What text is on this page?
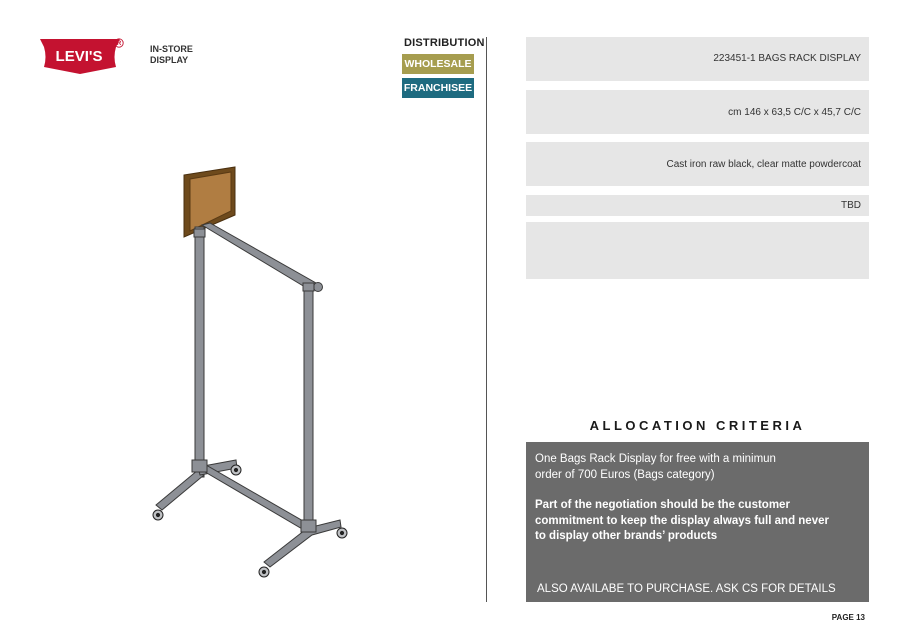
LEVI'S
R	IN-STORE
DISPLAY
DISTRIBUTION
WHOLESALE
FRANCHISEE
223451-1 BAGS RACK DISPLAY
cm 146 x 63,5 C/C x 45,7 C/C
Cast iron raw black, clear matte powdercoat
TBD
ALLOCATION CRITERIA
One Bags Rack Display for free with a minimun
order of 700 Euros (Bags category)
Part of the negotiation should be the customer
commitment to keep the display always full and never
to display other brands’ products
ALSO AVAILABE TO PURCHASE. ASK CS FOR DETAILS
PAGE 13
